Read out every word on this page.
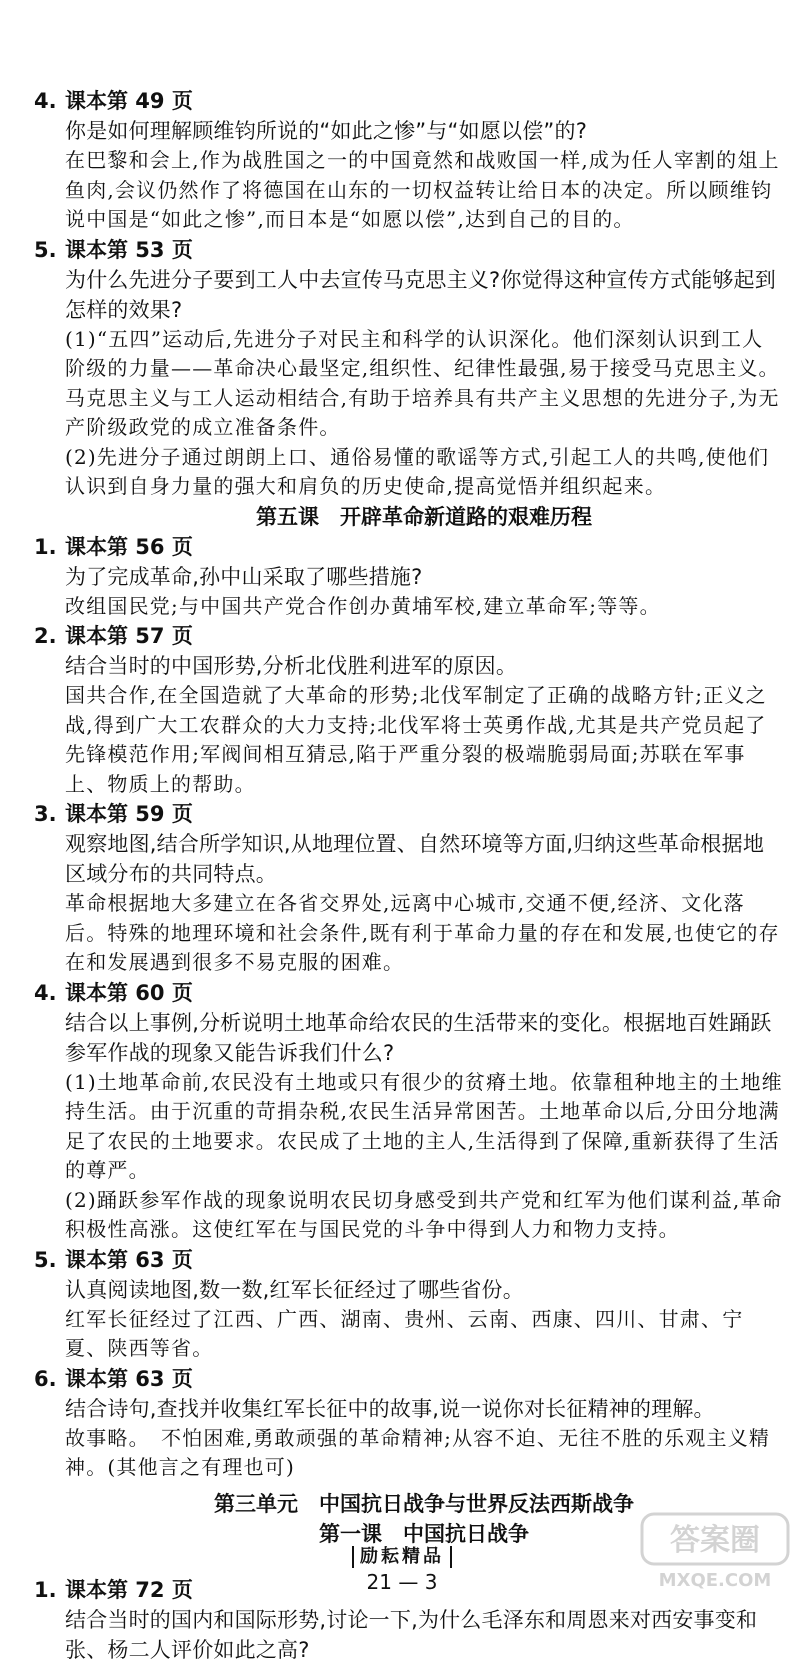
4. 课本第 49 页
你是如何理解顾维钧所说的“如此之惨”与“如愿以偿”的?
在巴黎和会上,作为战胜国之一的中国竟然和战败国一样,成为任人宰割的俎上鱼肉,会议仍然作了将德国在山东的一切权益转让给日本的决定。所以顾维钧说中国是“如此之惨”,而日本是“如愿以偿”,达到自己的目的。
5. 课本第 53 页
为什么先进分子要到工人中去宣传马克思主义?你觉得这种宣传方式能够起到怎样的效果?
(1)“五四”运动后,先进分子对民主和科学的认识深化。他们深刻认识到工人阶级的力量——革命决心最坚定,组织性、纪律性最强,易于接受马克思主义。马克思主义与工人运动相结合,有助于培养具有共产主义思想的先进分子,为无产阶级政党的成立准备条件。
(2)先进分子通过朗朗上口、通俗易懂的歌谣等方式,引起工人的共鸣,使他们认识到自身力量的强大和肩负的历史使命,提高觉悟并组织起来。
第五课　开辟革命新道路的艰难历程
1. 课本第 56 页
为了完成革命,孙中山采取了哪些措施?
改组国民党;与中国共产党合作创办黄埔军校,建立革命军;等等。
2. 课本第 57 页
结合当时的中国形势,分析北伐胜利进军的原因。
国共合作,在全国造就了大革命的形势;北伐军制定了正确的战略方针;正义之战,得到广大工农群众的大力支持;北伐军将士英勇作战,尤其是共产党员起了先锋模范作用;军阀间相互猜忌,陷于严重分裂的极端脆弱局面;苏联在军事上、物质上的帮助。
3. 课本第 59 页
观察地图,结合所学知识,从地理位置、自然环境等方面,归纳这些革命根据地区域分布的共同特点。
革命根据地大多建立在各省交界处,远离中心城市,交通不便,经济、文化落后。特殊的地理环境和社会条件,既有利于革命力量的存在和发展,也使它的存在和发展遇到很多不易克服的困难。
4. 课本第 60 页
结合以上事例,分析说明土地革命给农民的生活带来的变化。根据地百姓踊跃参军作战的现象又能告诉我们什么?
(1)土地革命前,农民没有土地或只有很少的贫瘠土地。依靠租种地主的土地维持生活。由于沉重的苛捐杂税,农民生活异常困苦。土地革命以后,分田分地满足了农民的土地要求。农民成了土地的主人,生活得到了保障,重新获得了生活的尊严。
(2)踊跃参军作战的现象说明农民切身感受到共产党和红军为他们谋利益,革命积极性高涨。这使红军在与国民党的斗争中得到人力和物力支持。
5. 课本第 63 页
认真阅读地图,数一数,红军长征经过了哪些省份。
红军长征经过了江西、广西、湖南、贵州、云南、西康、四川、甘肃、宁夏、陕西等省。
6. 课本第 63 页
结合诗句,查找并收集红军长征中的故事,说一说你对长征精神的理解。
故事略。　不怕困难,勇敢顽强的革命精神;从容不迫、无往不胜的乐观主义精神。(其他言之有理也可)
第三单元　中国抗日战争与世界反法西斯战争
第一课　中国抗日战争
1. 课本第 72 页
结合当时的国内和国际形势,讨论一下,为什么毛泽东和周恩来对西安事变和张、杨二人评价如此之高?
励耘精品
21 — 3
答案圈
MXQE.COM
